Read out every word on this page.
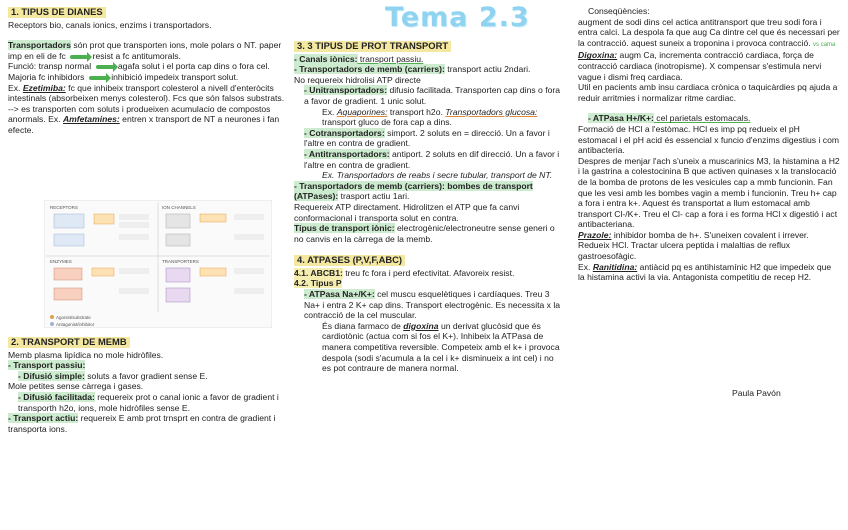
Tema 2.3
1. TIPUS DE DIANES

Receptors bio, canals ionics, enzims i transportadors.

Transportadors són prot que transporten ions, mole polars o NT. paper imp en eli de fc	resist a fc antitumorals.

Funció: transp normal	agafa solut i el porta cap dins o fora cel. Majoria fc inhibidors	inhibició impedeix transport solut.

Ex. Ezetimiba: fc que inhibeix transport colesterol a nivell d'enteròcits intestinals (absorbeixen menys colesterol). Fcs que són falsos substrats. --> es transporten com soluts i produeixen acumulacio de compostos anormals. Ex. Amfetamines: entren x transport de NT a neurones i fan efecte.

RECEPTORS	ION CHANNELS
ENZYMES	TRANSPORTERS
Agonist/substrate
Antagonist/inhibitor
2. TRANSPORT DE MEMB

Memb plasma lipídica no mole hidròfiles.

- Transport passiu:

- Difusió simple: soluts a favor gradient sense E.

Mole petites sense càrrega i gases.

- Difusió facilitada: requereix prot o canal ionic a favor de gradient i transporth h2o, ions, mole hidròfiles sense E.

- Transport actiu: requereix E amb prot trnsprt en contra de gradient i transporta ions.

3. 3 TIPUS DE PROT TRANSPORT

- Canals iònics: transport passiu.

- Transportadors de memb (carriers): transport actiu 2ndari.

No requereix hidrolisi ATP directe

- Unitransportadors: difusio facilitada. Transporten cap dins o fora a favor de gradient. 1 unic solut.

Ex. Aquaporines: transport h2o. Transportadors glucosa: transport gluco de fora cap a dins.

- Cotransportadors: simport. 2 soluts en = direcció. Un a favor i l'altre en contra de gradient.

- Antitransportadors: antiport. 2 soluts en dif direcció. Un a favor i l'altre en contra de gradient.

Ex. Transportadors de reabs i secre tubular, transport de NT.

- Transportadors de memb (carriers): bombes de transport (ATPases): trasport actiu 1ari.

Requereix ATP directament. Hidrolitzen el ATP que fa canvi conformacional i transporta solut en contra.

Tipus de transport iònic: electrogènic/electroneutre sense generi o no canvis en la càrrega de la memb.

4. ATPASES (P,V,F,ABC)

4.1. ABCB1: treu fc fora i perd efectivitat. Afavoreix resist.

4.2. Tipus P

- ATPasa Na+/K+: cel muscu esquelètiques i cardíaques. Treu 3 Na+ i entra 2 K+ cap dins. Transport electrogènic. Es necessita x la contracció de la cel muscular.

És diana farmaco de digoxina un derivat glucòsid que és cardiotònic (actua com si fos el K+). Inhibeix la ATPasa de manera competitiva reversible. Competeix amb el k+ i provoca despola (sodi s'acumula a la cel i k+ disminueix a int cel) i no es pot contraure de manera normal.

Conseqüències:

augment de sodi dins cel actica antitransport que treu sodi fora i entra calci. La despola fa que aug Ca dintre cel que és necessari per la contracció. aquest suneix a troponina i provoca contracció. vs cama

Digoxina: augm Ca, incrementa contracció cardiaca, força de contracció cardiaca (inotropisme). X compensar s'estimula nervi vague i dismi freq cardiaca.

Util en pacients amb insu cardiaca crònica o taquicàrdies pq ajuda a reduir arritmies i normalizar ritme cardiac.

- ATPasa H+/K+: cel parietals estomacals.

Formació de HCl a l'estòmac. HCl es imp pq redueix el pH estomacal i el pH acid és essencial x funcio d'enzims digestius i com antibacteria.

Despres de menjar l'ach s'uneix a muscarinics M3, la histamina a H2 i la gastrina a colestocinina B que activen quinases x la translocació de la bomba de protons de les vesicules cap a mmb funcionin. Fan que les vesi amb les bombes vagin a memb i funcionin. Treu h+ cap a fora i entra k+. Aquest és transportat a llum estomacal amb transport Cl-/K+. Treu el Cl- cap a fora i es forma HCl x digestió i act antibacteriana.

Prazole: inhibidor bomba de h+. S'uneixen covalent i irrever. Redueix HCl. Tractar ulcera peptida i malaltias de reflux gastroesofàgic.

Ex. Ranitidina: antiàcid pq es antihistamínic H2 que impedeix que la histamina activi la via. Antagonista competitiu de recep H2.

Paula Pavón
